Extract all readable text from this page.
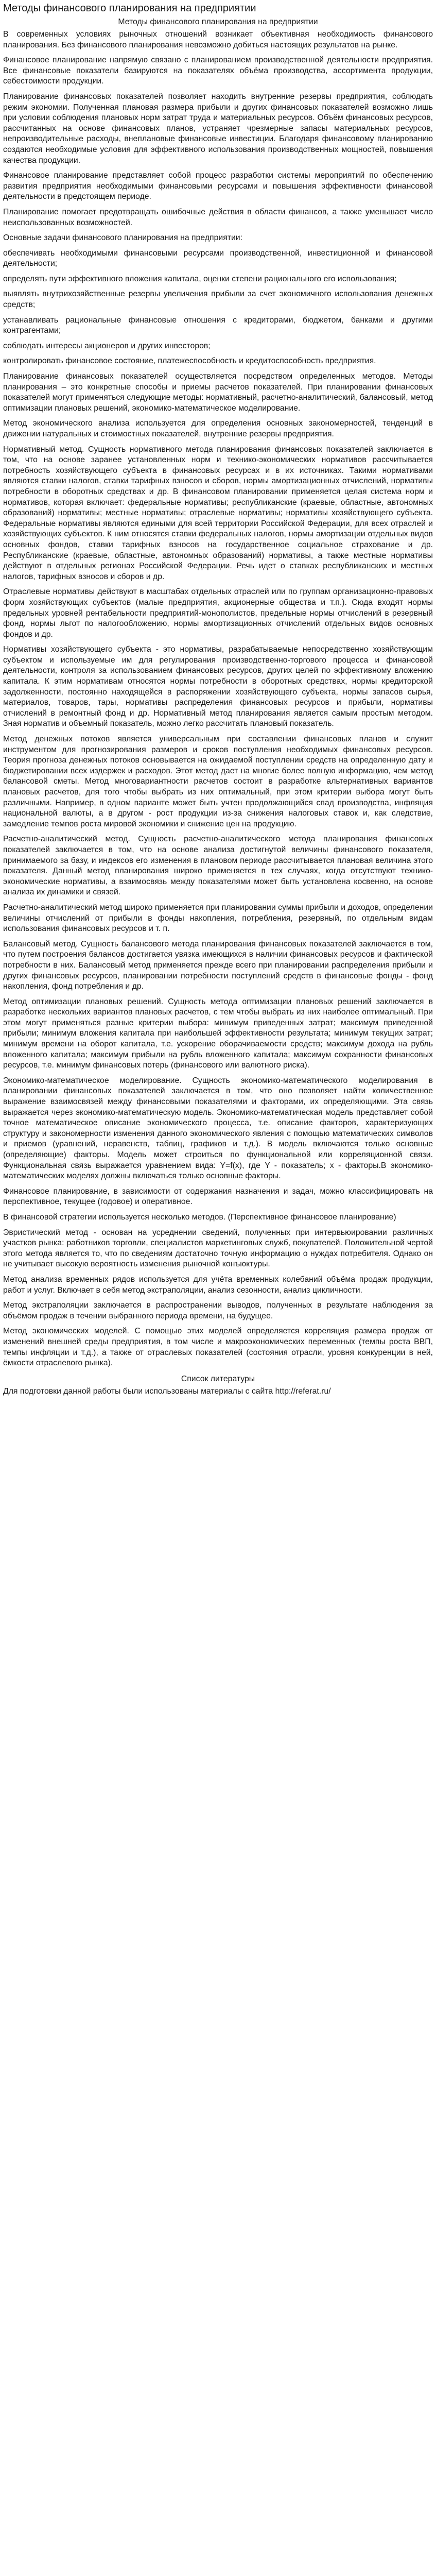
Методы финансового планирования на предприятии
Методы финансового планирования на предприятии

В современных условиях рыночных отношений возникает объективная необходимость финансового планирования. Без финансового планирования невозможно добиться настоящих результатов на рынке.

Финансовое планирование напрямую связано с планированием производственной деятельности предприятия. Все финансовые показатели базируются на показателях объёма производства, ассортимента продукции, себестоимости продукции.

Планирование финансовых показателей позволяет находить внутренние резервы предприятия, соблюдать режим экономии. Полученная плановая размера прибыли и других финансовых показателей возможно лишь при условии соблюдения плановых норм затрат труда и материальных ресурсов. Объём финансовых ресурсов, рассчитанных на основе финансовых планов, устраняет чрезмерные запасы материальных ресурсов, непроизводительные расходы, внеплановые финансовые инвестиции. Благодаря финансовому планированию создаются необходимые условия для эффективного использования производственных мощностей, повышения качества продукции.

Финансовое планирование представляет собой процесс разработки системы мероприятий по обеспечению развития предприятия необходимыми финансовыми ресурсами и повышения эффективности финансовой деятельности в предстоящем периоде.

Планирование помогает предотвращать ошибочные действия в области финансов, а также уменьшает число неиспользованных возможностей.

Основные задачи финансового планирования на предприятии:

обеспечивать необходимыми финансовыми ресурсами производственной, инвестиционной и финансовой деятельности;

определять пути эффективного вложения капитала, оценки степени рационального его использования;

выявлять внутрихозяйственные резервы увеличения прибыли за счет экономичного использования денежных средств;

устанавливать рациональные финансовые отношения с кредиторами, бюджетом, банками и другими контрагентами;

соблюдать интересы акционеров и других инвесторов;

контролировать финансовое состояние, платежеспособность и кредитоспособность предприятия.

Планирование финансовых показателей осуществляется посредством определенных методов. Методы планирования – это конкретные способы и приемы расчетов показателей. При планировании финансовых показателей могут применяться следующие методы: нормативный, расчетно-аналитический, балансовый, метод оптимизации плановых решений, экономико-математическое моделирование.

Метод экономического анализа используется для определения основных закономерностей, тенденций в движении натуральных и стоимостных показателей, внутренние резервы предприятия.

Нормативный метод. Сущность нормативного метода планирования финансовых показателей заключается в том, что на основе заранее установленных норм и технико-экономических нормативов рассчитывается потребность хозяйствующего субъекта в финансовых ресурсах и в их источниках. Такими нормативами являются ставки налогов, ставки тарифных взносов и сборов, нормы амортизационных отчислений, нормативы потребности в оборотных средствах и др. В финансовом планировании применяется целая система норм и нормативов, которая включает: федеральные нормативы; республиканские (краевые, областные, автономных образований) нормативы; местные нормативы; отраслевые нормативы; нормативы хозяйствующего субъекта. Федеральные нормативы являются едиными для всей территории Российской Федерации, для всех отраслей и хозяйствующих субъектов. К ним относятся ставки федеральных налогов, нормы амортизации отдельных видов основных фондов, ставки тарифных взносов на государственное социальное страхование и др. Республиканские (краевые, областные, автономных образований) нормативы, а также местные нормативы действуют в отдельных регионах Российской Федерации. Речь идет о ставках республиканских и местных налогов, тарифных взносов и сборов и др.

Отраслевые нормативы действуют в масштабах отдельных отраслей или по группам организационно-правовых форм хозяйствующих субъектов (малые предприятия, акционерные общества и т.п.). Сюда входят нормы предельных уровней рентабельности предприятий-монополистов, предельные нормы отчислений в резервный фонд, нормы льгот по налогообложению, нормы амортизационных отчислений отдельных видов основных фондов и др.

Нормативы хозяйствующего субъекта - это нормативы, разрабатываемые непосредственно хозяйствующим субъектом и используемые им для регулирования производственно-торгового процесса и финансовой деятельности, контроля за использованием финансовых ресурсов, других целей по эффективному вложению капитала. К этим нормативам относятся нормы потребности в оборотных средствах, нормы кредиторской задолженности, постоянно находящейся в распоряжении хозяйствующего субъекта, нормы запасов сырья, материалов, товаров, тары, нормативы распределения финансовых ресурсов и прибыли, нормативы отчислений в ремонтный фонд и др. Нормативный метод планирования является самым простым методом. Зная норматив и объемный показатель, можно легко рассчитать плановый показатель.

Метод денежных потоков является универсальным при составлении финансовых планов и служит инструментом для прогнозирования размеров и сроков поступления необходимых финансовых ресурсов. Теория прогноза денежных потоков основывается на ожидаемой поступлении средств на определенную дату и бюджетировании всех издержек и расходов. Этот метод дает на многие более полную информацию, чем метод балансовой сметы. Метод многовариантности расчетов состоит в разработке альтернативных вариантов плановых расчетов, для того чтобы выбрать из них оптимальный, при этом критерии выбора могут быть различными. Например, в одном варианте может быть учтен продолжающийся спад производства, инфляция национальной валюты, а в другом - рост продукции из-за снижения налоговых ставок и, как следствие, замедление темпов роста мировой экономики и снижение цен на продукцию.

Расчетно-аналитический метод. Сущность расчетно-аналитического метода планирования финансовых показателей заключается в том, что на основе анализа достигнутой величины финансового показателя, принимаемого за базу, и индексов его изменения в плановом периоде рассчитывается плановая величина этого показателя. Данный метод планирования широко применяется в тех случаях, когда отсутствуют технико-экономические нормативы, а взаимосвязь между показателями может быть установлена косвенно, на основе анализа их динамики и связей.

Расчетно-аналитический метод широко применяется при планировании суммы прибыли и доходов, определении величины отчислений от прибыли в фонды накопления, потребления, резервный, по отдельным видам использования финансовых ресурсов и т. п.

Балансовый метод. Сущность балансового метода планирования финансовых показателей заключается в том, что путем построения балансов достигается увязка имеющихся в наличии финансовых ресурсов и фактической потребности в них. Балансовый метод применяется прежде всего при планировании распределения прибыли и других финансовых ресурсов, планировании потребности поступлений средств в финансовые фонды - фонд накопления, фонд потребления и др.

Метод оптимизации плановых решений. Сущность метода оптимизации плановых решений заключается в разработке нескольких вариантов плановых расчетов, с тем чтобы выбрать из них наиболее оптимальный. При этом могут применяться разные критерии выбора: минимум приведенных затрат; максимум приведенной прибыли; минимум вложения капитала при наибольшей эффективности результата; минимум текущих затрат; минимум времени на оборот капитала, т.е. ускорение оборачиваемости средств; максимум дохода на рубль вложенного капитала; максимум прибыли на рубль вложенного капитала; максимум сохранности финансовых ресурсов, т.е. минимум финансовых потерь (финансового или валютного риска).

Экономико-математическое моделирование. Сущность экономико-математического моделирования в планировании финансовых показателей заключается в том, что оно позволяет найти количественное выражение взаимосвязей между финансовыми показателями и факторами, их определяющими. Эта связь выражается через экономико-математическую модель. Экономико-математическая модель представляет собой точное математическое описание экономического процесса, т.е. описание факторов, характеризующих структуру и закономерности изменения данного экономического явления с помощью математических символов и приемов (уравнений, неравенств, таблиц, графиков и т.д.). В модель включаются только основные (определяющие) факторы. Модель может строиться по функциональной или корреляционной связи. Функциональная связь выражается уравнением вида: Y=f(x), где Y - показатель; x - факторы.В экономико-математических моделях должны включаться только основные факторы.

Финансовое планирование, в зависимости от содержания назначения и задач, можно классифицировать на перспективное, текущее (годовое) и оперативное.

В финансовой стратегии используется несколько методов. (Перспективное финансовое планирование)

Эвристический метод - основан на усреднении сведений, полученных при интервьюировании различных участков рынка: работников торговли, специалистов маркетинговых служб, покупателей. Положительной чертой этого метода является то, что по сведениям достаточно точную информацию о нуждах потребителя. Однако он не учитывает высокую вероятность изменения рыночной конъюктуры.

Метод анализа временных рядов используется для учёта временных колебаний объёма продаж продукции, работ и услуг. Включает в себя метод экстраполяции, анализ сезонности, анализ цикличности.

Метод экстраполяции заключается в распространении выводов, полученных в результате наблюдения за объёмом продаж в течении выбранного периода времени, на будущее.

Метод экономических моделей. С помощью этих моделей определяется корреляция размера продаж от изменений внешней среды предприятия, в том числе и макроэкономических переменных (темпы роста ВВП, темпы инфляции и т.д.), а также от отраслевых показателей (состояния отрасли, уровня конкуренции в ней, ёмкости отраслевого рынка).

Список литературы

Для подготовки данной работы были использованы материалы с сайта http://referat.ru/
